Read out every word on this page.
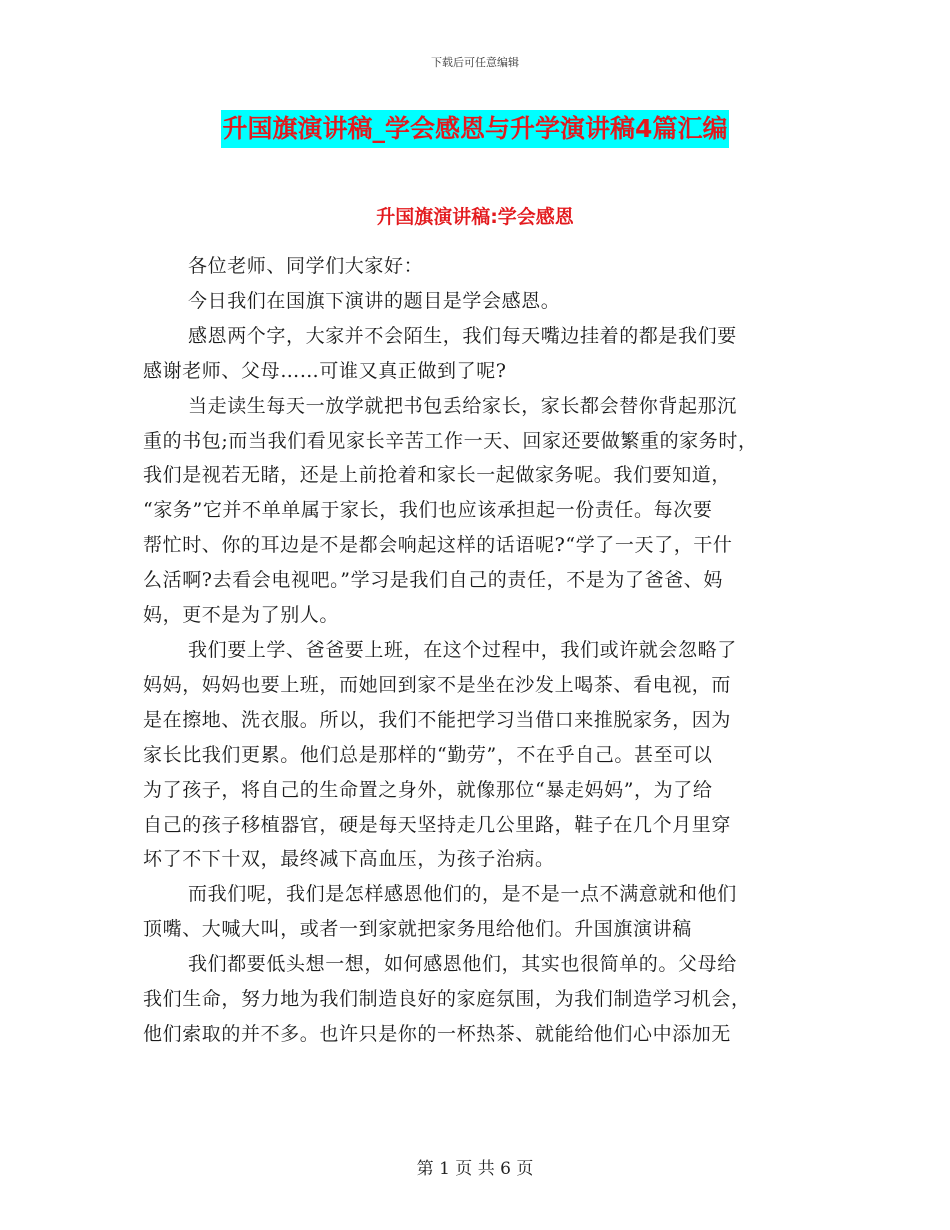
下载后可任意编辑
升国旗演讲稿_学会感恩与升学演讲稿4篇汇编
升国旗演讲稿:学会感恩
各位老师、同学们大家好：
今日我们在国旗下演讲的题目是学会感恩。
感恩两个字，大家并不会陌生，我们每天嘴边挂着的都是我们要
感谢老师、父母……可谁又真正做到了呢?
当走读生每天一放学就把书包丢给家长，家长都会替你背起那沉
重的书包;而当我们看见家长辛苦工作一天、回家还要做繁重的家务时，
我们是视若无睹，还是上前抢着和家长一起做家务呢。我们要知道，
“家务”它并不单单属于家长，我们也应该承担起一份责任。每次要
帮忙时、你的耳边是不是都会响起这样的话语呢?“学了一天了，干什
么活啊?去看会电视吧。”学习是我们自己的责任，不是为了爸爸、妈
妈，更不是为了别人。
我们要上学、爸爸要上班，在这个过程中，我们或许就会忽略了
妈妈，妈妈也要上班，而她回到家不是坐在沙发上喝茶、看电视，而
是在擦地、洗衣服。所以，我们不能把学习当借口来推脱家务，因为
家长比我们更累。他们总是那样的“勤劳”，不在乎自己。甚至可以
为了孩子，将自己的生命置之身外，就像那位“暴走妈妈”，为了给
自己的孩子移植器官，硬是每天坚持走几公里路，鞋子在几个月里穿
坏了不下十双，最终减下高血压，为孩子治病。
而我们呢，我们是怎样感恩他们的，是不是一点不满意就和他们
顶嘴、大喊大叫，或者一到家就把家务甩给他们。升国旗演讲稿
我们都要低头想一想，如何感恩他们，其实也很简单的。父母给
我们生命，努力地为我们制造良好的家庭氛围，为我们制造学习机会，
他们索取的并不多。也许只是你的一杯热茶、就能给他们心中添加无
第 1 页 共 6 页
